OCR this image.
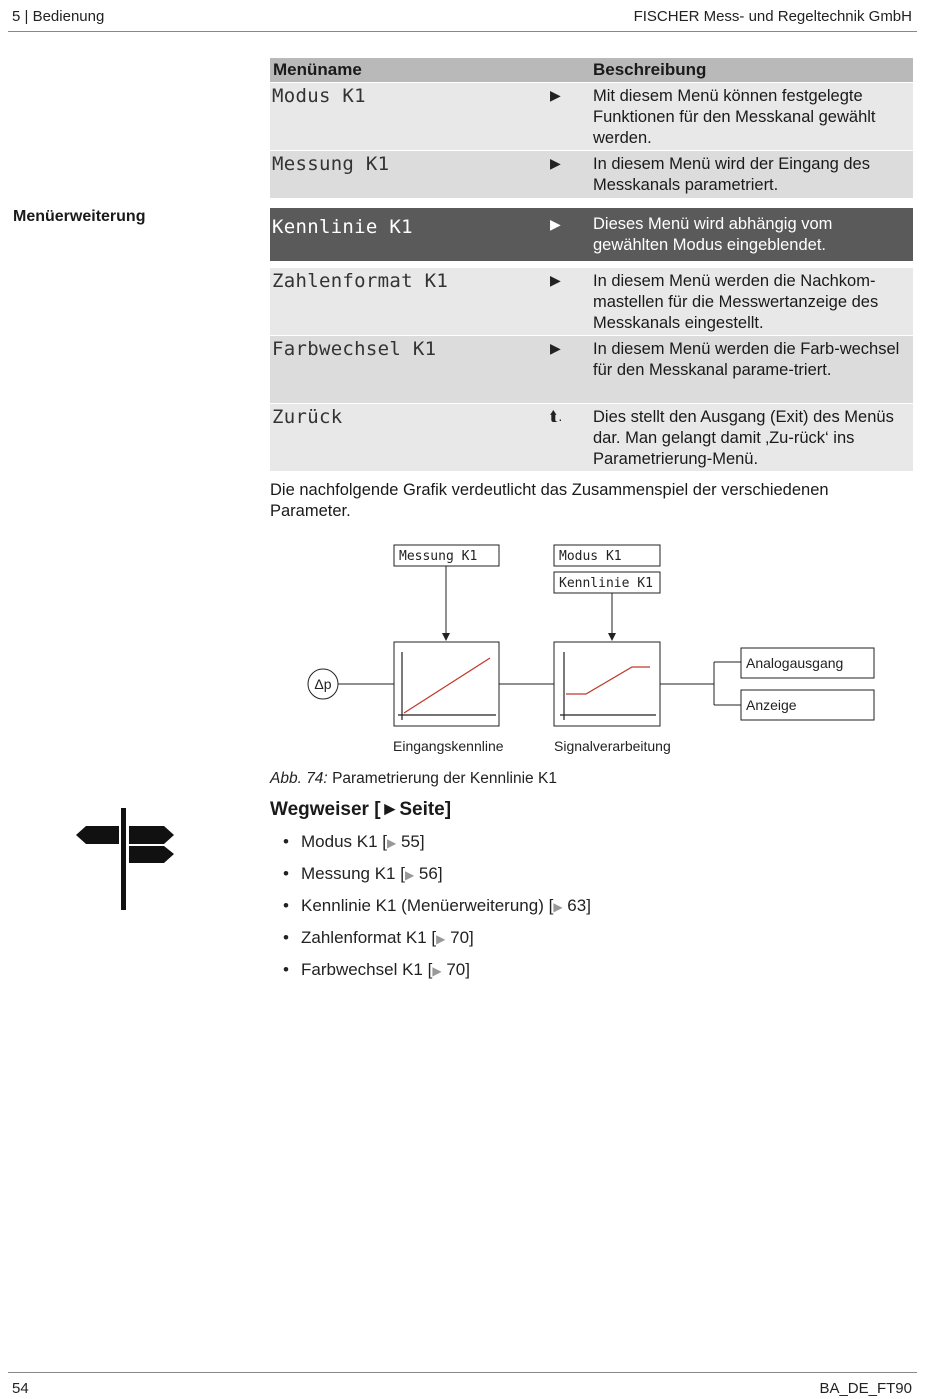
5 | Bedienung	FISCHER Mess- und Regeltechnik GmbH
Menüerweiterung
Menüname	Beschreibung
Modus K1	▶ Mit diesem Menü können festgelegte Funktionen für den Messkanal gewählt werden.
Messung K1	▶ In diesem Menü wird der Eingang des Messkanals parametriert.
Kennlinie K1	▶ Dieses Menü wird abhängig vom gewählten Modus eingeblendet.
Zahlenformat K1	▶ In diesem Menü werden die Nachkom-mastellen für die Messwertanzeige des Messkanals eingestellt.
Farbwechsel K1	▶ In diesem Menü werden die Farb-wechsel für den Messkanal parame-triert.
Zurück	⮬. Dies stellt den Ausgang (Exit) des Menüs dar. Man gelangt damit ‚Zu-rück‘ ins Parametrierung-Menü.
Die nachfolgende Grafik verdeutlicht das Zusammenspiel der verschiedenen Parameter.
Messung K1	Modus K1
Kennlinie K1
Δp
Analogausgang
Anzeige
Eingangskennline	Signalverarbeitung
Abb. 74: Parametrierung der Kennlinie K1
Wegweiser [►Seite]
• Modus K1 [▶ 55]
• Messung K1 [▶ 56]
• Kennlinie K1 (Menüerweiterung) [▶ 63]
• Zahlenformat K1 [▶ 70]
• Farbwechsel K1 [▶ 70]
54	BA_DE_FT90
